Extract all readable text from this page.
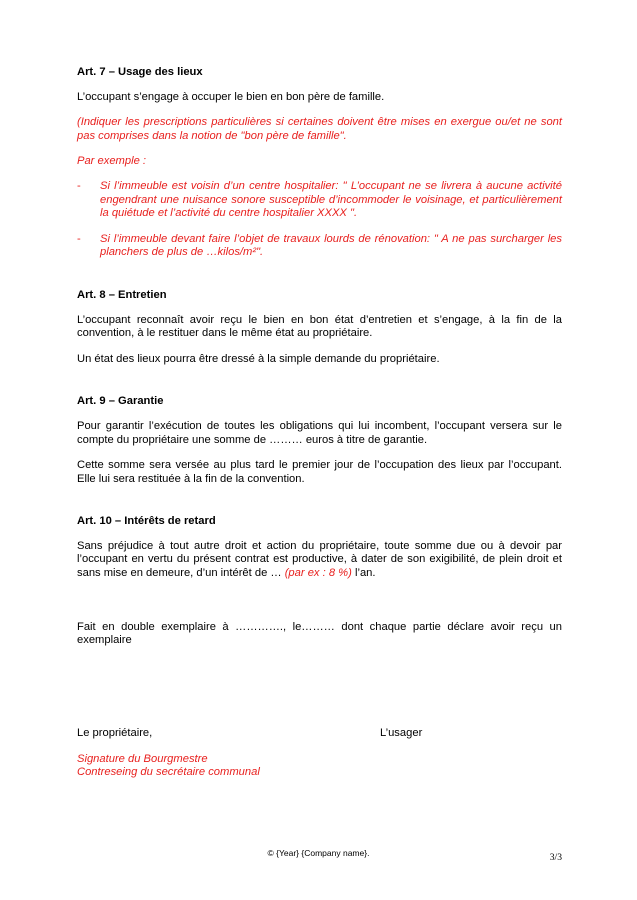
Art. 7 – Usage des lieux

L’occupant s’engage à occuper le bien en bon père de famille.

(Indiquer les prescriptions particulières si certaines doivent être mises en exergue ou/et ne sont pas comprises dans la notion de "bon père de famille".

Par exemple :

- Si l’immeuble est voisin d’un centre hospitalier: " L’occupant ne se livrera à aucune activité engendrant une nuisance sonore susceptible d’incommoder le voisinage, et particulièrement la quiétude et l’activité du centre hospitalier XXXX ".
- Si l’immeuble devant faire l’objet de travaux lourds de rénovation: " A ne pas surcharger les planchers de plus de …kilos/m²".
Art. 8 – Entretien

L’occupant reconnaît avoir reçu le bien en bon état d’entretien et s’engage, à la fin de la convention, à le restituer dans le même état au propriétaire.

Un état des lieux pourra être dressé à la simple demande du propriétaire.

Art. 9 – Garantie

Pour garantir l’exécution de toutes les obligations qui lui incombent, l’occupant versera sur le compte du propriétaire une somme de ……… euros à titre de garantie.

Cette somme sera versée au plus tard le premier jour de l’occupation des lieux par l’occupant. Elle lui sera restituée à la fin de la convention.

Art. 10 – Intérêts de retard

Sans préjudice à tout autre droit et action du propriétaire, toute somme due ou à devoir par l’occupant en vertu du présent contrat est productive, à dater de son exigibilité, de plein droit et sans mise en demeure, d’un intérêt de … (par ex : 8 %) l’an.

Fait en double exemplaire à …………., le……… dont chaque partie déclare avoir reçu un exemplaire

Le propriétaire,	L’usager

Signature du Bourgmestre

Contreseing du secrétaire communal

© {Year} {Company name}.	3/3
